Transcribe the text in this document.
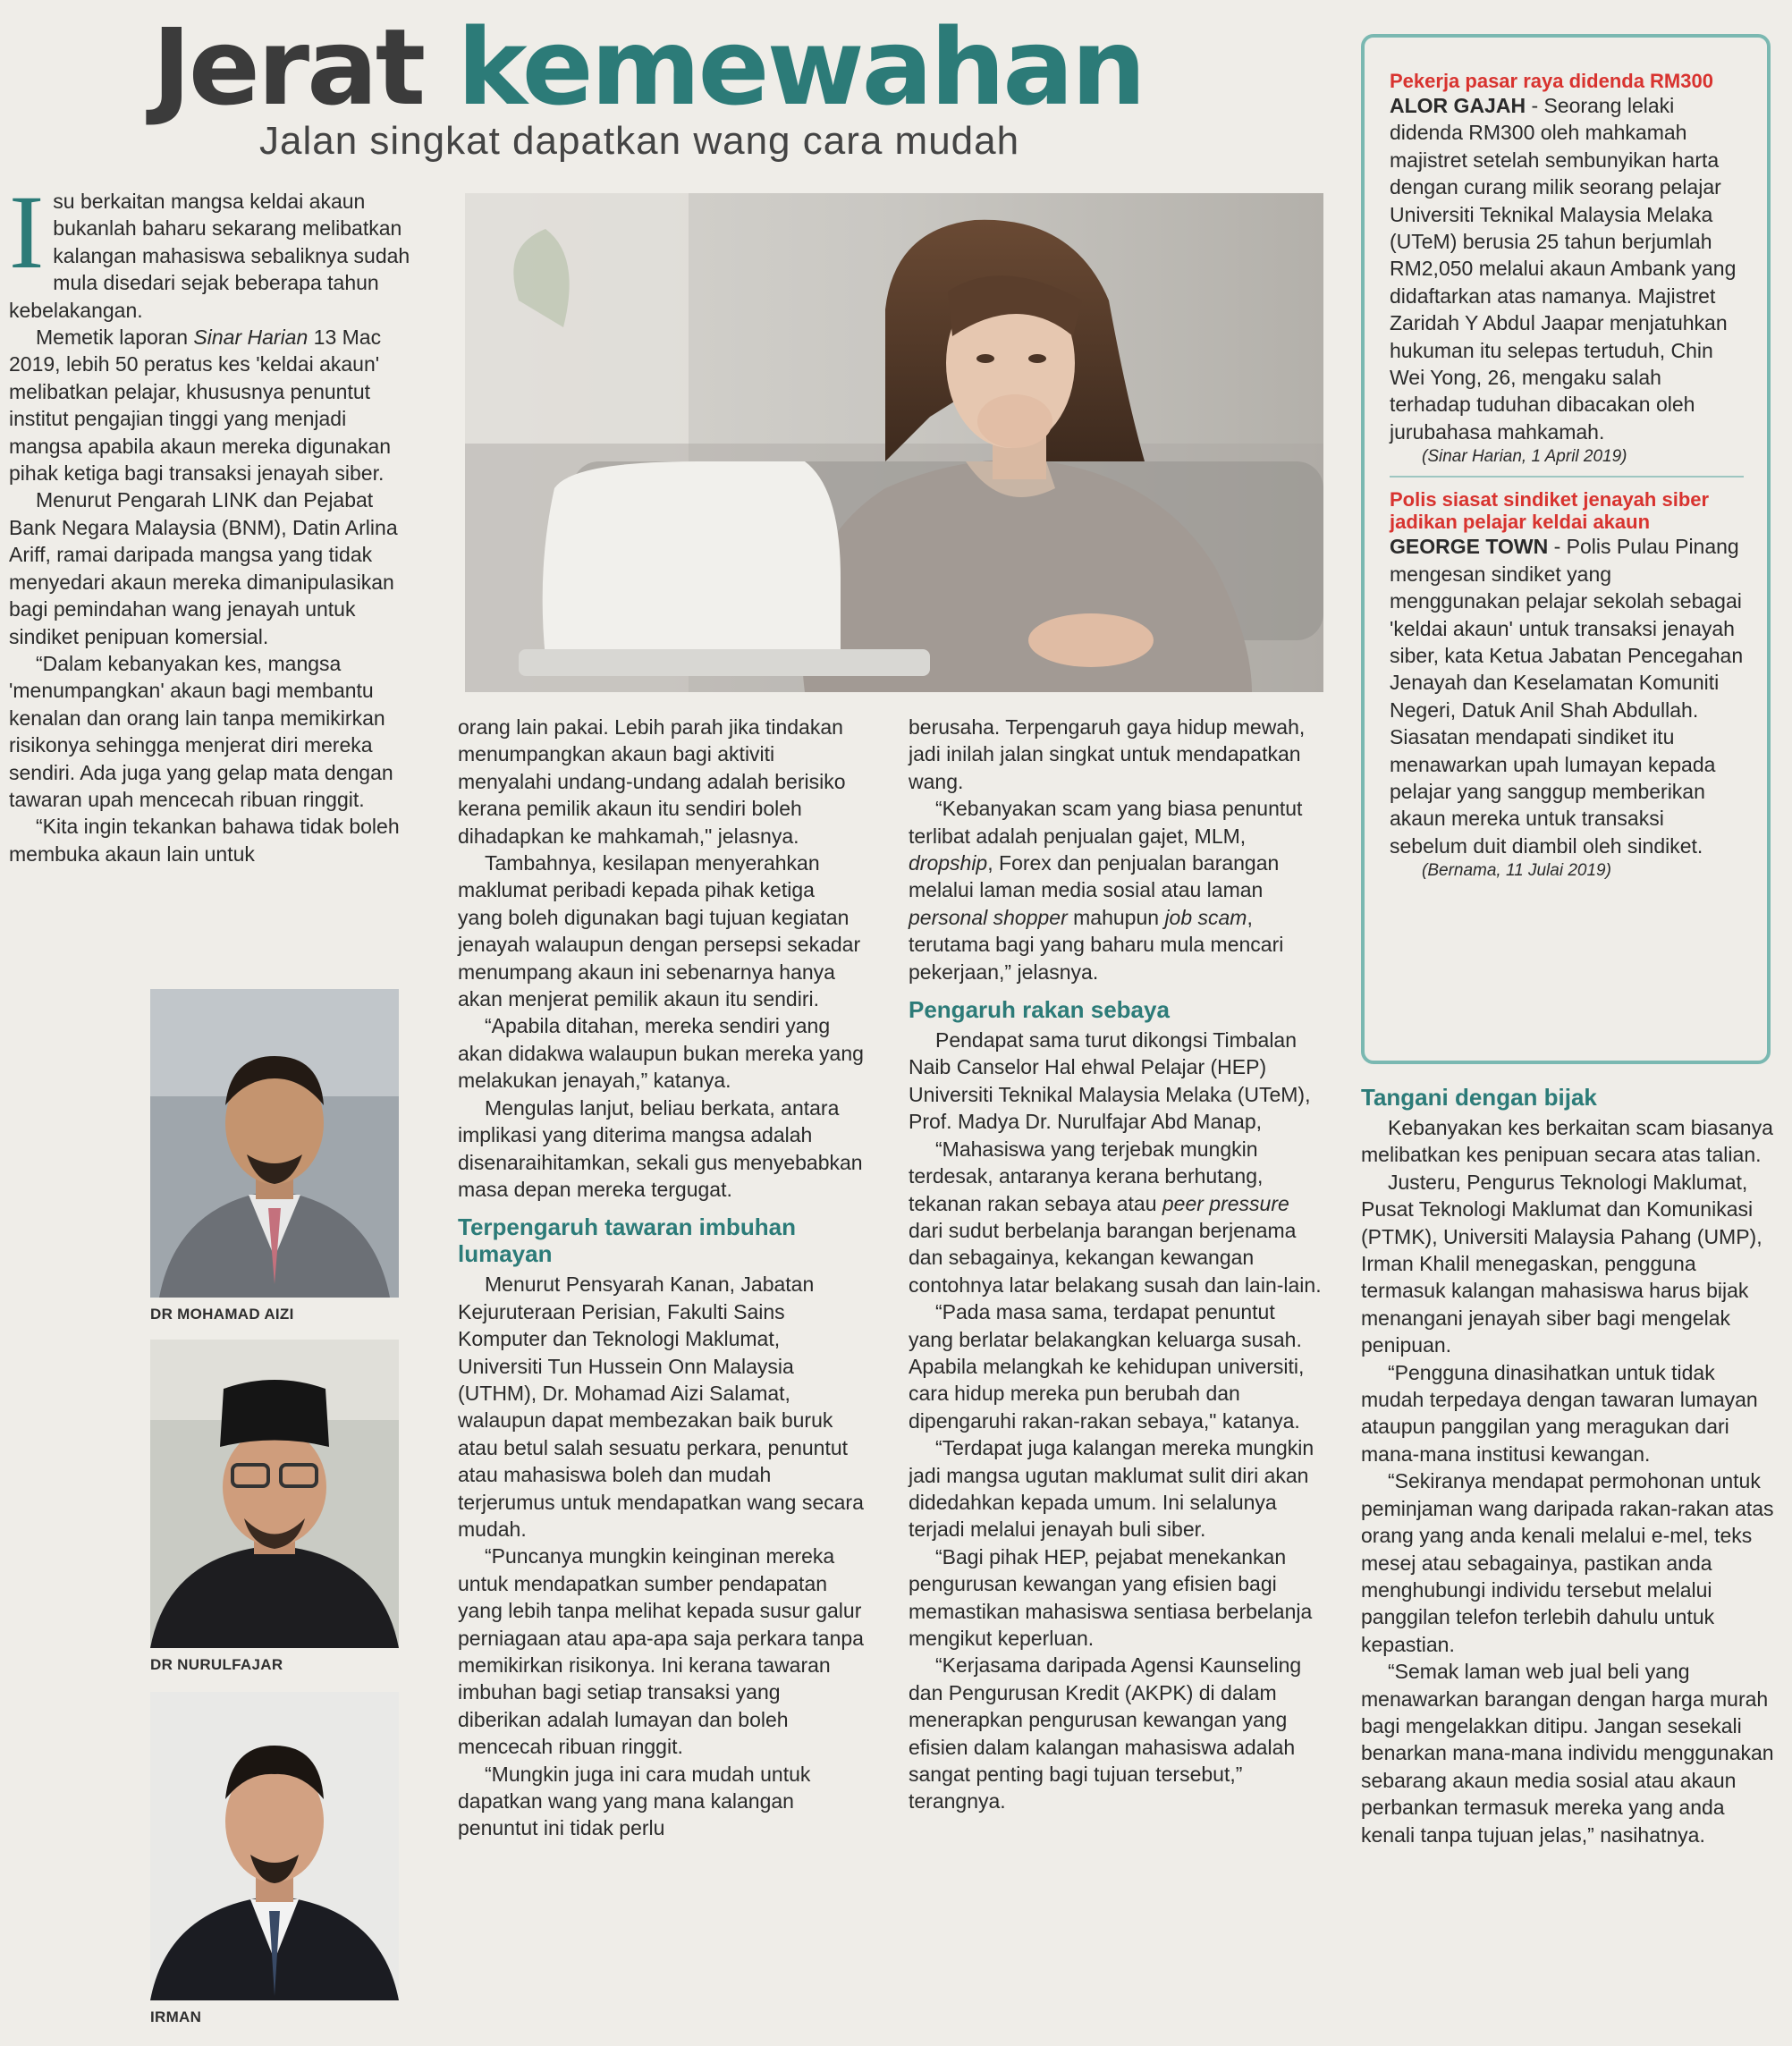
Jerat kemewahan
Jalan singkat dapatkan wang cara mudah
I su berkaitan mangsa keldai akaun bukanlah baharu sekarang melibatkan kalangan mahasiswa sebaliknya sudah mula disedari sejak beberapa tahun kebelakangan.

Memetik laporan Sinar Harian 13 Mac 2019, lebih 50 peratus kes 'keldai akaun' melibatkan pelajar, khususnya penuntut institut pengajian tinggi yang menjadi mangsa apabila akaun mereka digunakan pihak ketiga bagi transaksi jenayah siber.

Menurut Pengarah LINK dan Pejabat Bank Negara Malaysia (BNM), Datin Arlina Ariff, ramai daripada mangsa yang tidak menyedari akaun mereka dimanipulasikan bagi pemindahan wang jenayah untuk sindiket penipuan komersial.

“Dalam kebanyakan kes, mangsa 'menumpangkan' akaun bagi membantu kenalan dan orang lain tanpa memikirkan risikonya sehingga menjerat diri mereka sendiri. Ada juga yang gelap mata dengan tawaran upah mencecah ribuan ringgit.

“Kita ingin tekankan bahawa tidak boleh membuka akaun lain untuk

orang lain pakai. Lebih parah jika tindakan menumpangkan akaun bagi aktiviti menyalahi undang-undang adalah berisiko kerana pemilik akaun itu sendiri boleh dihadapkan ke mahkamah," jelasnya.

Tambahnya, kesilapan menyerahkan maklumat peribadi kepada pihak ketiga yang boleh digunakan bagi tujuan kegiatan jenayah walaupun dengan persepsi sekadar menumpang akaun ini sebenarnya hanya akan menjerat pemilik akaun itu sendiri.

“Apabila ditahan, mereka sendiri yang akan didakwa walaupun bukan mereka yang melakukan jenayah,” katanya.

Mengulas lanjut, beliau berkata, antara implikasi yang diterima mangsa adalah disenaraihitamkan, sekali gus menyebabkan masa depan mereka tergugat.

Terpengaruh tawaran imbuhan lumayan

Menurut Pensyarah Kanan, Jabatan Kejuruteraan Perisian, Fakulti Sains Komputer dan Teknologi Maklumat, Universiti Tun Hussein Onn Malaysia (UTHM), Dr. Mohamad Aizi Salamat, walaupun dapat membezakan baik buruk atau betul salah sesuatu perkara, penuntut atau mahasiswa boleh dan mudah terjerumus untuk mendapatkan wang secara mudah.

“Puncanya mungkin keinginan mereka untuk mendapatkan sumber pendapatan yang lebih tanpa melihat kepada susur galur perniagaan atau apa-apa saja perkara tanpa memikirkan risikonya. Ini kerana tawaran imbuhan bagi setiap transaksi yang diberikan adalah lumayan dan boleh mencecah ribuan ringgit.

“Mungkin juga ini cara mudah untuk dapatkan wang yang mana kalangan penuntut ini tidak perlu

berusaha. Terpengaruh gaya hidup mewah, jadi inilah jalan singkat untuk mendapatkan wang.

“Kebanyakan scam yang biasa penuntut terlibat adalah penjualan gajet, MLM, dropship, Forex dan penjualan barangan melalui laman media sosial atau laman personal shopper mahupun job scam, terutama bagi yang baharu mula mencari pekerjaan,” jelasnya.

Pengaruh rakan sebaya

Pendapat sama turut dikongsi Timbalan Naib Canselor Hal ehwal Pelajar (HEP) Universiti Teknikal Malaysia Melaka (UTeM), Prof. Madya Dr. Nurulfajar Abd Manap,

“Mahasiswa yang terjebak mungkin terdesak, antaranya kerana berhutang, tekanan rakan sebaya atau peer pressure dari sudut berbelanja barangan berjenama dan sebagainya, kekangan kewangan contohnya latar belakang susah dan lain-lain.

“Pada masa sama, terdapat penuntut yang berlatar belakangkan keluarga susah. Apabila melangkah ke kehidupan universiti, cara hidup mereka pun berubah dan dipengaruhi rakan-rakan sebaya," katanya.

“Terdapat juga kalangan mereka mungkin jadi mangsa ugutan maklumat sulit diri akan didedahkan kepada umum. Ini selalunya terjadi melalui jenayah buli siber.

“Bagi pihak HEP, pejabat menekankan pengurusan kewangan yang efisien bagi memastikan mahasiswa sentiasa berbelanja mengikut keperluan.

“Kerjasama daripada Agensi Kaunseling dan Pengurusan Kredit (AKPK) di dalam menerapkan pengurusan kewangan yang efisien dalam kalangan mahasiswa adalah sangat penting bagi tujuan tersebut,” terangnya.

Tangani dengan bijak

Kebanyakan kes berkaitan scam biasanya melibatkan kes penipuan secara atas talian.

Justeru, Pengurus Teknologi Maklumat, Pusat Teknologi Maklumat dan Komunikasi (PTMK), Universiti Malaysia Pahang (UMP), Irman Khalil menegaskan, pengguna termasuk kalangan mahasiswa harus bijak menangani jenayah siber bagi mengelak penipuan.

“Pengguna dinasihatkan untuk tidak mudah terpedaya dengan tawaran lumayan ataupun panggilan yang meragukan dari mana-mana institusi kewangan.

“Sekiranya mendapat permohonan untuk peminjaman wang daripada rakan-rakan atas orang yang anda kenali melalui e-mel, teks mesej atau sebagainya, pastikan anda menghubungi individu tersebut melalui panggilan telefon terlebih dahulu untuk kepastian.

“Semak laman web jual beli yang menawarkan barangan dengan harga murah bagi mengelakkan ditipu. Jangan sesekali benarkan mana-mana individu menggunakan sebarang akaun media sosial atau akaun perbankan termasuk mereka yang anda kenali tanpa tujuan jelas,” nasihatnya.

DR MOHAMAD AIZI
DR NURULFAJAR
IRMAN
Pekerja pasar raya didenda RM300

ALOR GAJAH - Seorang lelaki didenda RM300 oleh mahkamah majistret setelah sembunyikan harta dengan curang milik seorang pelajar Universiti Teknikal Malaysia Melaka (UTeM) berusia 25 tahun berjumlah RM2,050 melalui akaun Ambank yang didaftarkan atas namanya. Majistret Zaridah Y Abdul Jaapar menjatuhkan hukuman itu selepas tertuduh, Chin Wei Yong, 26, mengaku salah terhadap tuduhan dibacakan oleh jurubahasa mahkamah.

(Sinar Harian, 1 April 2019)

Polis siasat sindiket jenayah siber jadikan pelajar keldai akaun

GEORGE TOWN - Polis Pulau Pinang mengesan sindiket yang menggunakan pelajar sekolah sebagai 'keldai akaun' untuk transaksi jenayah siber, kata Ketua Jabatan Pencegahan Jenayah dan Keselamatan Komuniti Negeri, Datuk Anil Shah Abdullah. Siasatan mendapati sindiket itu menawarkan upah lumayan kepada pelajar yang sanggup memberikan akaun mereka untuk transaksi sebelum duit diambil oleh sindiket.

(Bernama, 11 Julai 2019)
